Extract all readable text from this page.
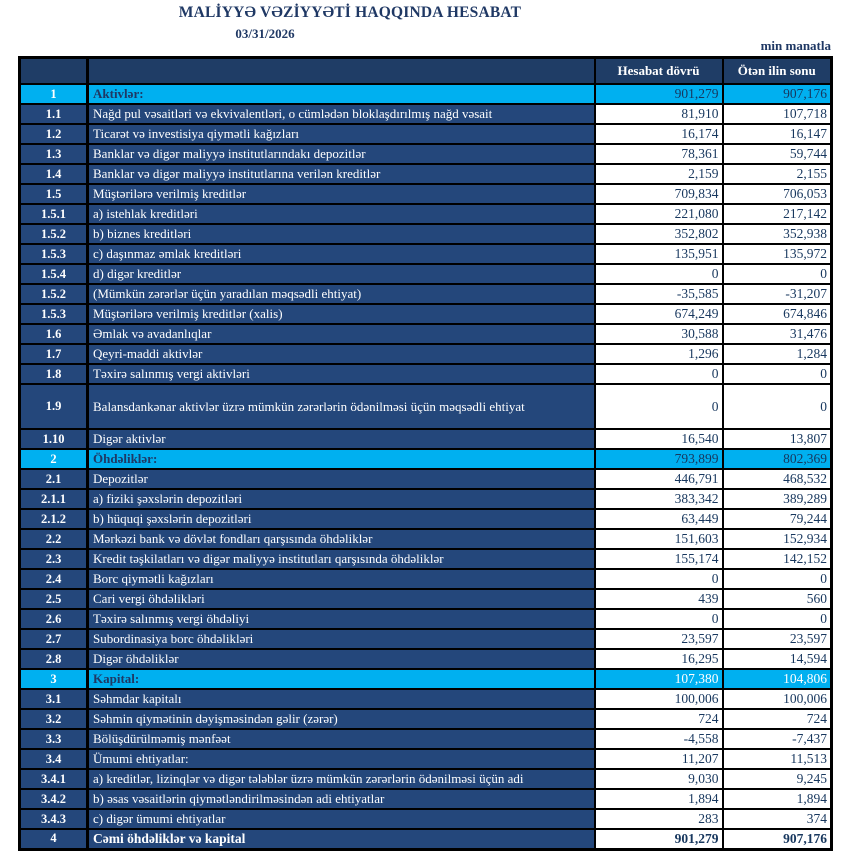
MALİYYƏ VƏZİYYƏTİ HAQQINDA HESABAT
03/31/2026
min manatla
		Hesabat dövrü	Ötən ilin sonu
1	Aktivlər:	901,279	907,176
1.1	Nağd pul vəsaitləri və ekvivalentləri, o cümlədən bloklaşdırılmış nağd vəsait	81,910	107,718
1.2	Ticarət və investisiya qiymətli kağızları	16,174	16,147
1.3	Banklar və digər maliyyə institutlarındakı depozitlər	78,361	59,744
1.4	Banklar və digər maliyyə institutlarına verilən kreditlər	2,159	2,155
1.5	Müştərilərə verilmiş kreditlər	709,834	706,053
1.5.1	a) istehlak kreditləri	221,080	217,142
1.5.2	b) biznes kreditləri	352,802	352,938
1.5.3	c) daşınmaz əmlak kreditləri	135,951	135,972
1.5.4	d) digər kreditlər	0	0
1.5.2	(Mümkün zərərlər üçün yaradılan məqsədli ehtiyat)	-35,585	-31,207
1.5.3	Müştərilərə verilmiş kreditlər (xalis)	674,249	674,846
1.6	Əmlak və avadanlıqlar	30,588	31,476
1.7	Qeyri-maddi aktivlər	1,296	1,284
1.8	Təxirə salınmış vergi aktivləri	0	0
1.9	Balansdankənar aktivlər üzrə mümkün zərərlərin ödənilməsi üçün məqsədli ehtiyat	0	0
1.10	Digər aktivlər	16,540	13,807
2	Öhdəliklər:	793,899	802,369
2.1	Depozitlər	446,791	468,532
2.1.1	a) fiziki şəxslərin depozitləri	383,342	389,289
2.1.2	b) hüquqi şəxslərin depozitləri	63,449	79,244
2.2	Mərkəzi bank və dövlət fondları qarşısında öhdəliklər	151,603	152,934
2.3	Kredit təşkilatları və digər maliyyə institutları qarşısında öhdəliklər	155,174	142,152
2.4	Borc qiymətli kağızları	0	0
2.5	Cari vergi öhdəlikləri	439	560
2.6	Təxirə salınmış vergi öhdəliyi	0	0
2.7	Subordinasiya borc öhdəlikləri	23,597	23,597
2.8	Digər öhdəliklər	16,295	14,594
3	Kapital:	107,380	104,806
3.1	Səhmdar kapitalı	100,006	100,006
3.2	Səhmin qiymətinin dəyişməsindən gəlir (zərər)	724	724
3.3	Bölüşdürülməmiş mənfəət	-4,558	-7,437
3.4	Ümumi ehtiyatlar:	11,207	11,513
3.4.1	a) kreditlər, lizinqlər və digər tələblər üzrə mümkün zərərlərin ödənilməsi üçün adi	9,030	9,245
3.4.2	b) əsas vəsaitlərin qiymətləndirilməsindən adi ehtiyatlar	1,894	1,894
3.4.3	c) digər ümumi ehtiyatlar	283	374
4	Cəmi öhdəliklər və kapital	901,279	907,176
